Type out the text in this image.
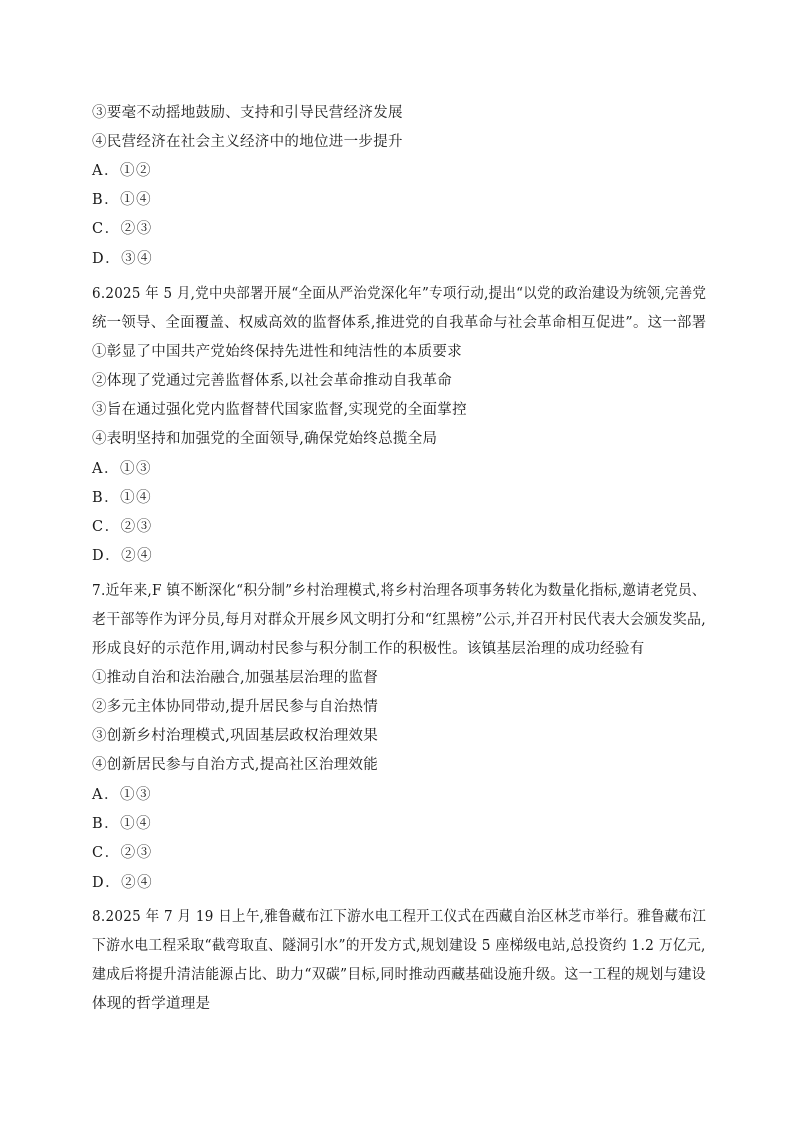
③要毫不动摇地鼓励、支持和引导民营经济发展
④民营经济在社会主义经济中的地位进一步提升
A．①②
B．①④
C．②③
D．③④
6.2025 年 5 月,党中央部署开展“全面从严治党深化年”专项行动,提出“以党的政治建设为统领,完善党
统一领导、全面覆盖、权威高效的监督体系,推进党的自我革命与社会革命相互促进”。这一部署
①彰显了中国共产党始终保持先进性和纯洁性的本质要求
②体现了党通过完善监督体系,以社会革命推动自我革命
③旨在通过强化党内监督替代国家监督,实现党的全面掌控
④表明坚持和加强党的全面领导,确保党始终总揽全局
A．①③
B．①④
C．②③
D．②④
7.近年来,F 镇不断深化“积分制”乡村治理模式,将乡村治理各项事务转化为数量化指标,邀请老党员、
老干部等作为评分员,每月对群众开展乡风文明打分和“红黑榜”公示,并召开村民代表大会颁发奖品,
形成良好的示范作用,调动村民参与积分制工作的积极性。该镇基层治理的成功经验有
①推动自治和法治融合,加强基层治理的监督
②多元主体协同带动,提升居民参与自治热情
③创新乡村治理模式,巩固基层政权治理效果
④创新居民参与自治方式,提高社区治理效能
A．①③
B．①④
C．②③
D．②④
8.2025 年 7 月 19 日上午,雅鲁藏布江下游水电工程开工仪式在西藏自治区林芝市举行。雅鲁藏布江
下游水电工程采取“截弯取直、隧洞引水”的开发方式,规划建设 5 座梯级电站,总投资约 1.2 万亿元,
建成后将提升清洁能源占比、助力“双碳”目标,同时推动西藏基础设施升级。这一工程的规划与建设
体现的哲学道理是
